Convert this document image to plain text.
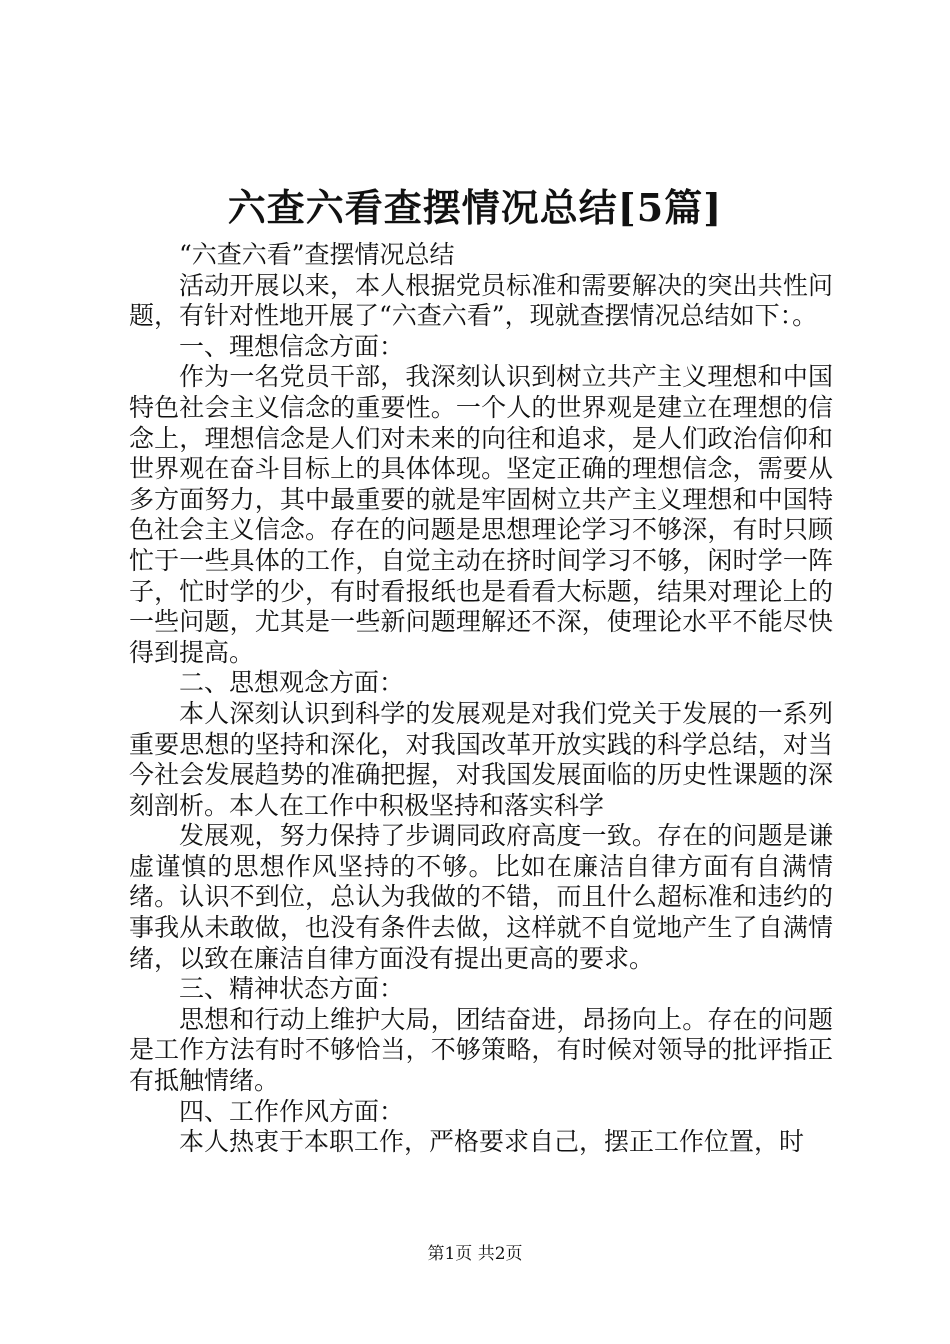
六查六看查摆情况总结[5篇]

“六查六看”查摆情况总结

活动开展以来，本人根据党员标准和需要解决的突出共性问题，有针对性地开展了“六查六看”，现就查摆情况总结如下：。

一、理想信念方面：

作为一名党员干部，我深刻认识到树立共产主义理想和中国特色社会主义信念的重要性。一个人的世界观是建立在理想的信念上，理想信念是人们对未来的向往和追求，是人们政治信仰和世界观在奋斗目标上的具体体现。坚定正确的理想信念，需要从多方面努力，其中最重要的就是牢固树立共产主义理想和中国特色社会主义信念。存在的问题是思想理论学习不够深，有时只顾忙于一些具体的工作，自觉主动在挤时间学习不够，闲时学一阵子，忙时学的少，有时看报纸也是看看大标题，结果对理论上的一些问题，尤其是一些新问题理解还不深，使理论水平不能尽快得到提高。

二、思想观念方面：

本人深刻认识到科学的发展观是对我们党关于发展的一系列重要思想的坚持和深化，对我国改革开放实践的科学总结，对当今社会发展趋势的准确把握，对我国发展面临的历史性课题的深刻剖析。本人在工作中积极坚持和落实科学

发展观，努力保持了步调同政府高度一致。存在的问题是谦虚谨慎的思想作风坚持的不够。比如在廉洁自律方面有自满情绪。认识不到位，总认为我做的不错，而且什么超标准和违约的事我从未敢做，也没有条件去做，这样就不自觉地产生了自满情绪，以致在廉洁自律方面没有提出更高的要求。

三、精神状态方面：

思想和行动上维护大局，团结奋进，昂扬向上。存在的问题是工作方法有时不够恰当，不够策略，有时候对领导的批评指正有抵触情绪。

四、工作作风方面：

本人热衷于本职工作，严格要求自己，摆正工作位置，时

第1页 共2页
